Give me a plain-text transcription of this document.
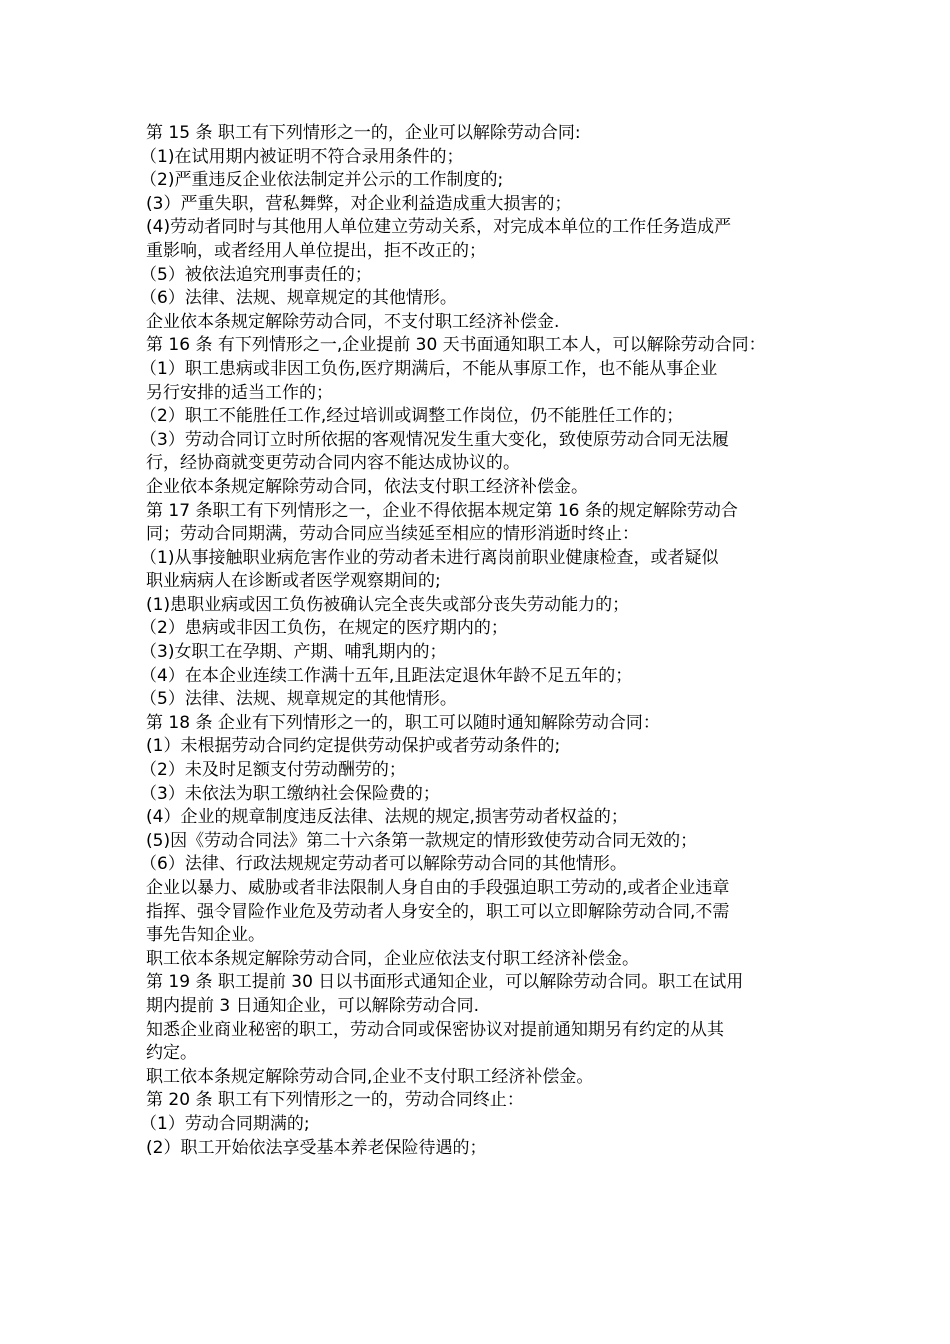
第 15 条 职工有下列情形之一的，企业可以解除劳动合同:

（1)在试用期内被证明不符合录用条件的；

（2)严重违反企业依法制定并公示的工作制度的;

(3）严重失职，营私舞弊，对企业利益造成重大损害的；

(4)劳动者同时与其他用人单位建立劳动关系，对完成本单位的工作任务造成严

重影响，或者经用人单位提出，拒不改正的；

（5）被依法追究刑事责任的；

（6）法律、法规、规章规定的其他情形。

企业依本条规定解除劳动合同，不支付职工经济补偿金.

第 16 条 有下列情形之一,企业提前 30 天书面通知职工本人，可以解除劳动合同：

（1）职工患病或非因工负伤,医疗期满后，不能从事原工作，也不能从事企业

另行安排的适当工作的；

（2）职工不能胜任工作,经过培训或调整工作岗位，仍不能胜任工作的；

（3）劳动合同订立时所依据的客观情况发生重大变化，致使原劳动合同无法履

行，经协商就变更劳动合同内容不能达成协议的。

企业依本条规定解除劳动合同，依法支付职工经济补偿金。

第 17 条职工有下列情形之一，企业不得依据本规定第 16 条的规定解除劳动合

同；劳动合同期满，劳动合同应当续延至相应的情形消逝时终止：

（1)从事接触职业病危害作业的劳动者未进行离岗前职业健康检查，或者疑似

职业病病人在诊断或者医学观察期间的;

(1)患职业病或因工负伤被确认完全丧失或部分丧失劳动能力的；

（2）患病或非因工负伤，在规定的医疗期内的；

（3)女职工在孕期、产期、哺乳期内的；

（4）在本企业连续工作满十五年,且距法定退休年龄不足五年的；

（5）法律、法规、规章规定的其他情形。

第 18 条 企业有下列情形之一的，职工可以随时通知解除劳动合同：

(1）未根据劳动合同约定提供劳动保护或者劳动条件的;

（2）未及时足额支付劳动酬劳的；

（3）未依法为职工缴纳社会保险费的；

(4）企业的规章制度违反法律、法规的规定,损害劳动者权益的；

(5)因《劳动合同法》第二十六条第一款规定的情形致使劳动合同无效的；

（6）法律、行政法规规定劳动者可以解除劳动合同的其他情形。

企业以暴力、威胁或者非法限制人身自由的手段强迫职工劳动的,或者企业违章

指挥、强令冒险作业危及劳动者人身安全的，职工可以立即解除劳动合同,不需

事先告知企业。

职工依本条规定解除劳动合同，企业应依法支付职工经济补偿金。

第 19 条 职工提前 30 日以书面形式通知企业，可以解除劳动合同。职工在试用

期内提前 3 日通知企业，可以解除劳动合同.

知悉企业商业秘密的职工，劳动合同或保密协议对提前通知期另有约定的从其

约定。

职工依本条规定解除劳动合同,企业不支付职工经济补偿金。

第 20 条 职工有下列情形之一的，劳动合同终止：

（1）劳动合同期满的;

(2）职工开始依法享受基本养老保险待遇的；
